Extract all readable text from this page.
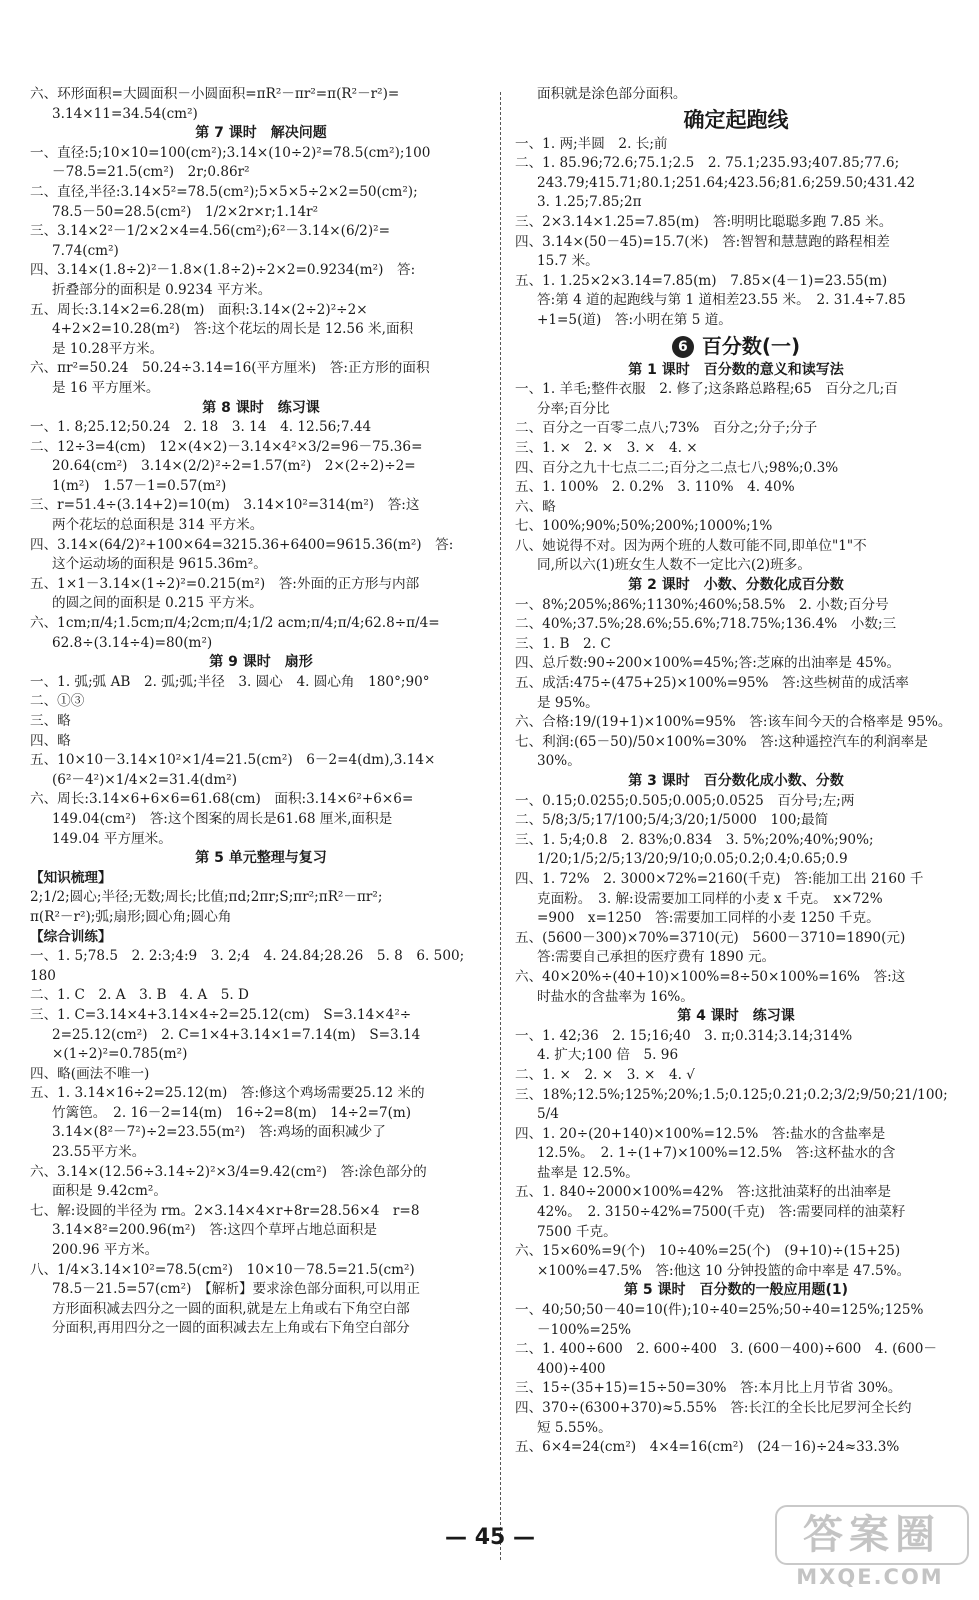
六、环形面积=大圆面积－小圆面积=πR²－πr²=π(R²－r²)=
3.14×11=34.54(cm²)
第 7 课时　解决问题
一、直径:5;10×10=100(cm²);3.14×(10÷2)²=78.5(cm²);100
－78.5=21.5(cm²)　2r;0.86r²
二、直径,半径:3.14×5²=78.5(cm²);5×5×5÷2×2=50(cm²);
78.5－50=28.5(cm²)　1/2×2r×r;1.14r²
三、3.14×2²－1/2×2×4=4.56(cm²);6²－3.14×(6/2)²=
7.74(cm²)
四、3.14×(1.8÷2)²－1.8×(1.8÷2)÷2×2=0.9234(m²)　答:
折叠部分的面积是 0.9234 平方米。
五、周长:3.14×2=6.28(m)　面积:3.14×(2÷2)²÷2×
4+2×2=10.28(m²)　答:这个花坛的周长是 12.56 米,面积
是 10.28平方米。
六、πr²=50.24　50.24÷3.14=16(平方厘米)　答:正方形的面积
是 16 平方厘米。
第 8 课时　练习课
一、1. 8;25.12;50.24　2. 18　3. 14　4. 12.56;7.44
二、12÷3=4(cm)　12×(4×2)－3.14×4²×3/2=96－75.36=
20.64(cm²)　3.14×(2/2)²÷2=1.57(m²)　2×(2÷2)÷2=
1(m²)　1.57－1=0.57(m²)
三、r=51.4÷(3.14+2)=10(m)　3.14×10²=314(m²)　答:这
两个花坛的总面积是 314 平方米。
四、3.14×(64/2)²+100×64=3215.36+6400=9615.36(m²)　答:
这个运动场的面积是 9615.36m²。
五、1×1－3.14×(1÷2)²=0.215(m²)　答:外面的正方形与内部
的圆之间的面积是 0.215 平方米。
六、1cm;π/4;1.5cm;π/4;2cm;π/4;1/2 acm;π/4;π/4;62.8÷π/4=
62.8÷(3.14÷4)=80(m²)
第 9 课时　扇形
一、1. 弧;弧 AB　2. 弧;弧;半径　3. 圆心　4. 圆心角　180°;90°
二、①③
三、略
四、略
五、10×10－3.14×10²×1/4=21.5(cm²)　6－2=4(dm),3.14×
(6²－4²)×1/4×2=31.4(dm²)
六、周长:3.14×6+6×6=61.68(cm)　面积:3.14×6²+6×6=
149.04(cm²)　答:这个图案的周长是61.68 厘米,面积是
149.04 平方厘米。
第 5 单元整理与复习
【知识梳理】
2;1/2;圆心;半径;无数;周长;比值;πd;2πr;S;πr²;πR²－πr²;
π(R²－r²);弧;扇形;圆心角;圆心角
【综合训练】
一、1. 5;78.5　2. 2:3;4:9　3. 2;4　4. 24.84;28.26　5. 8　6. 500;
180
二、1. C　2. A　3. B　4. A　5. D
三、1. C=3.14×4+3.14×4÷2=25.12(cm)　S=3.14×4²÷
2=25.12(cm²)　2. C=1×4+3.14×1=7.14(m)　S=3.14
×(1÷2)²=0.785(m²)
四、略(画法不唯一)
五、1. 3.14×16÷2=25.12(m)　答:修这个鸡场需要25.12 米的
竹篱笆。　2. 16－2=14(m)　16÷2=8(m)　14÷2=7(m)
3.14×(8²－7²)÷2=23.55(m²)　答:鸡场的面积减少了
23.55平方米。
六、3.14×(12.56÷3.14÷2)²×3/4=9.42(cm²)　答:涂色部分的
面积是 9.42cm²。
七、解:设圆的半径为 rm。2×3.14×4×r+8r=28.56×4　r=8
3.14×8²=200.96(m²)　答:这四个草坪占地总面积是
200.96 平方米。
八、1/4×3.14×10²=78.5(cm²)　10×10－78.5=21.5(cm²)
78.5－21.5=57(cm²)　【解析】要求涂色部分面积,可以用正
方形面积减去四分之一圆的面积,就是左上角或右下角空白部
分面积,再用四分之一圆的面积减去左上角或右下角空白部分
面积就是涂色部分面积。
确定起跑线
一、1. 两;半圆　2. 长;前
二、1. 85.96;72.6;75.1;2.5　2. 75.1;235.93;407.85;77.6;
243.79;415.71;80.1;251.64;423.56;81.6;259.50;431.42
3. 1.25;7.85;2π
三、2×3.14×1.25=7.85(m)　答:明明比聪聪多跑 7.85 米。
四、3.14×(50－45)=15.7(米)　答:智智和慧慧跑的路程相差
15.7 米。
五、1. 1.25×2×3.14=7.85(m)　7.85×(4－1)=23.55(m)
答:第 4 道的起跑线与第 1 道相差23.55 米。　2. 31.4÷7.85
+1=5(道)　答:小明在第 5 道。
6 百分数(一)
第 1 课时　百分数的意义和读写法
一、1. 羊毛;整件衣服　2. 修了;这条路总路程;65　百分之几;百
分率;百分比
二、百分之一百零二点八;73%　百分之;分子;分子
三、1. ×　2. ×　3. ×　4. ×
四、百分之九十七点二二;百分之二点七八;98%;0.3%
五、1. 100%　2. 0.2%　3. 110%　4. 40%
六、略
七、100%;90%;50%;200%;1000%;1%
八、她说得不对。因为两个班的人数可能不同,即单位"1"不
同,所以六(1)班女生人数不一定比六(2)班多。
第 2 课时　小数、分数化成百分数
一、8%;205%;86%;1130%;460%;58.5%　2. 小数;百分号
二、40%;37.5%;28.6%;55.6%;718.75%;136.4%　小数;三
三、1. B　2. C
四、总斤数:90÷200×100%=45%;答:芝麻的出油率是 45%。
五、成活:475÷(475+25)×100%=95%　答:这些树苗的成活率
是 95%。
六、合格:19/(19+1)×100%=95%　答:该车间今天的合格率是 95%。
七、利润:(65－50)/50×100%=30%　答:这种遥控汽车的利润率是
30%。
第 3 课时　百分数化成小数、分数
一、0.15;0.0255;0.505;0.005;0.0525　百分号;左;两
二、5/8;3/5;17/100;5/4;3/20;1/5000　100;最简
三、1. 5;4;0.8　2. 83%;0.834　3. 5%;20%;40%;90%;
1/20;1/5;2/5;13/20;9/10;0.05;0.2;0.4;0.65;0.9
四、1. 72%　2. 3000×72%=2160(千克)　答:能加工出 2160 千
克面粉。　3. 解:设需要加工同样的小麦 x 千克。　x×72%
=900　x=1250　答:需要加工同样的小麦 1250 千克。
五、(5600－300)×70%=3710(元)　5600－3710=1890(元)
答:需要自己承担的医疗费有 1890 元。
六、40×20%÷(40+10)×100%=8÷50×100%=16%　答:这
时盐水的含盐率为 16%。
第 4 课时　练习课
一、1. 42;36　2. 15;16;40　3. π;0.314;3.14;314%
4. 扩大;100 倍　5. 96
二、1. ×　2. ×　3. ×　4. √
三、18%;12.5%;125%;20%;1.5;0.125;0.21;0.2;3/2;9/50;21/100;
5/4
四、1. 20÷(20+140)×100%=12.5%　答:盐水的含盐率是
12.5%。　2. 1÷(1+7)×100%=12.5%　答:这杯盐水的含
盐率是 12.5%。
五、1. 840÷2000×100%=42%　答:这批油菜籽的出油率是
42%。　2. 3150÷42%=7500(千克)　答:需要同样的油菜籽
7500 千克。
六、15×60%=9(个)　10÷40%=25(个)　(9+10)÷(15+25)
×100%=47.5%　答:他这 10 分钟投篮的命中率是 47.5%。
第 5 课时　百分数的一般应用题(1)
一、40;50;50－40=10(件);10÷40=25%;50÷40=125%;125%
－100%=25%
二、1. 400÷600　2. 600÷400　3. (600－400)÷600　4. (600－
400)÷400
三、15÷(35+15)=15÷50=30%　答:本月比上月节省 30%。
四、370÷(6300+370)≈5.55%　答:长江的全长比尼罗河全长约
短 5.55%。
五、6×4=24(cm²)　4×4=16(cm²)　(24－16)÷24≈33.3%
— 45 —	答案圈
MXQE.COM
